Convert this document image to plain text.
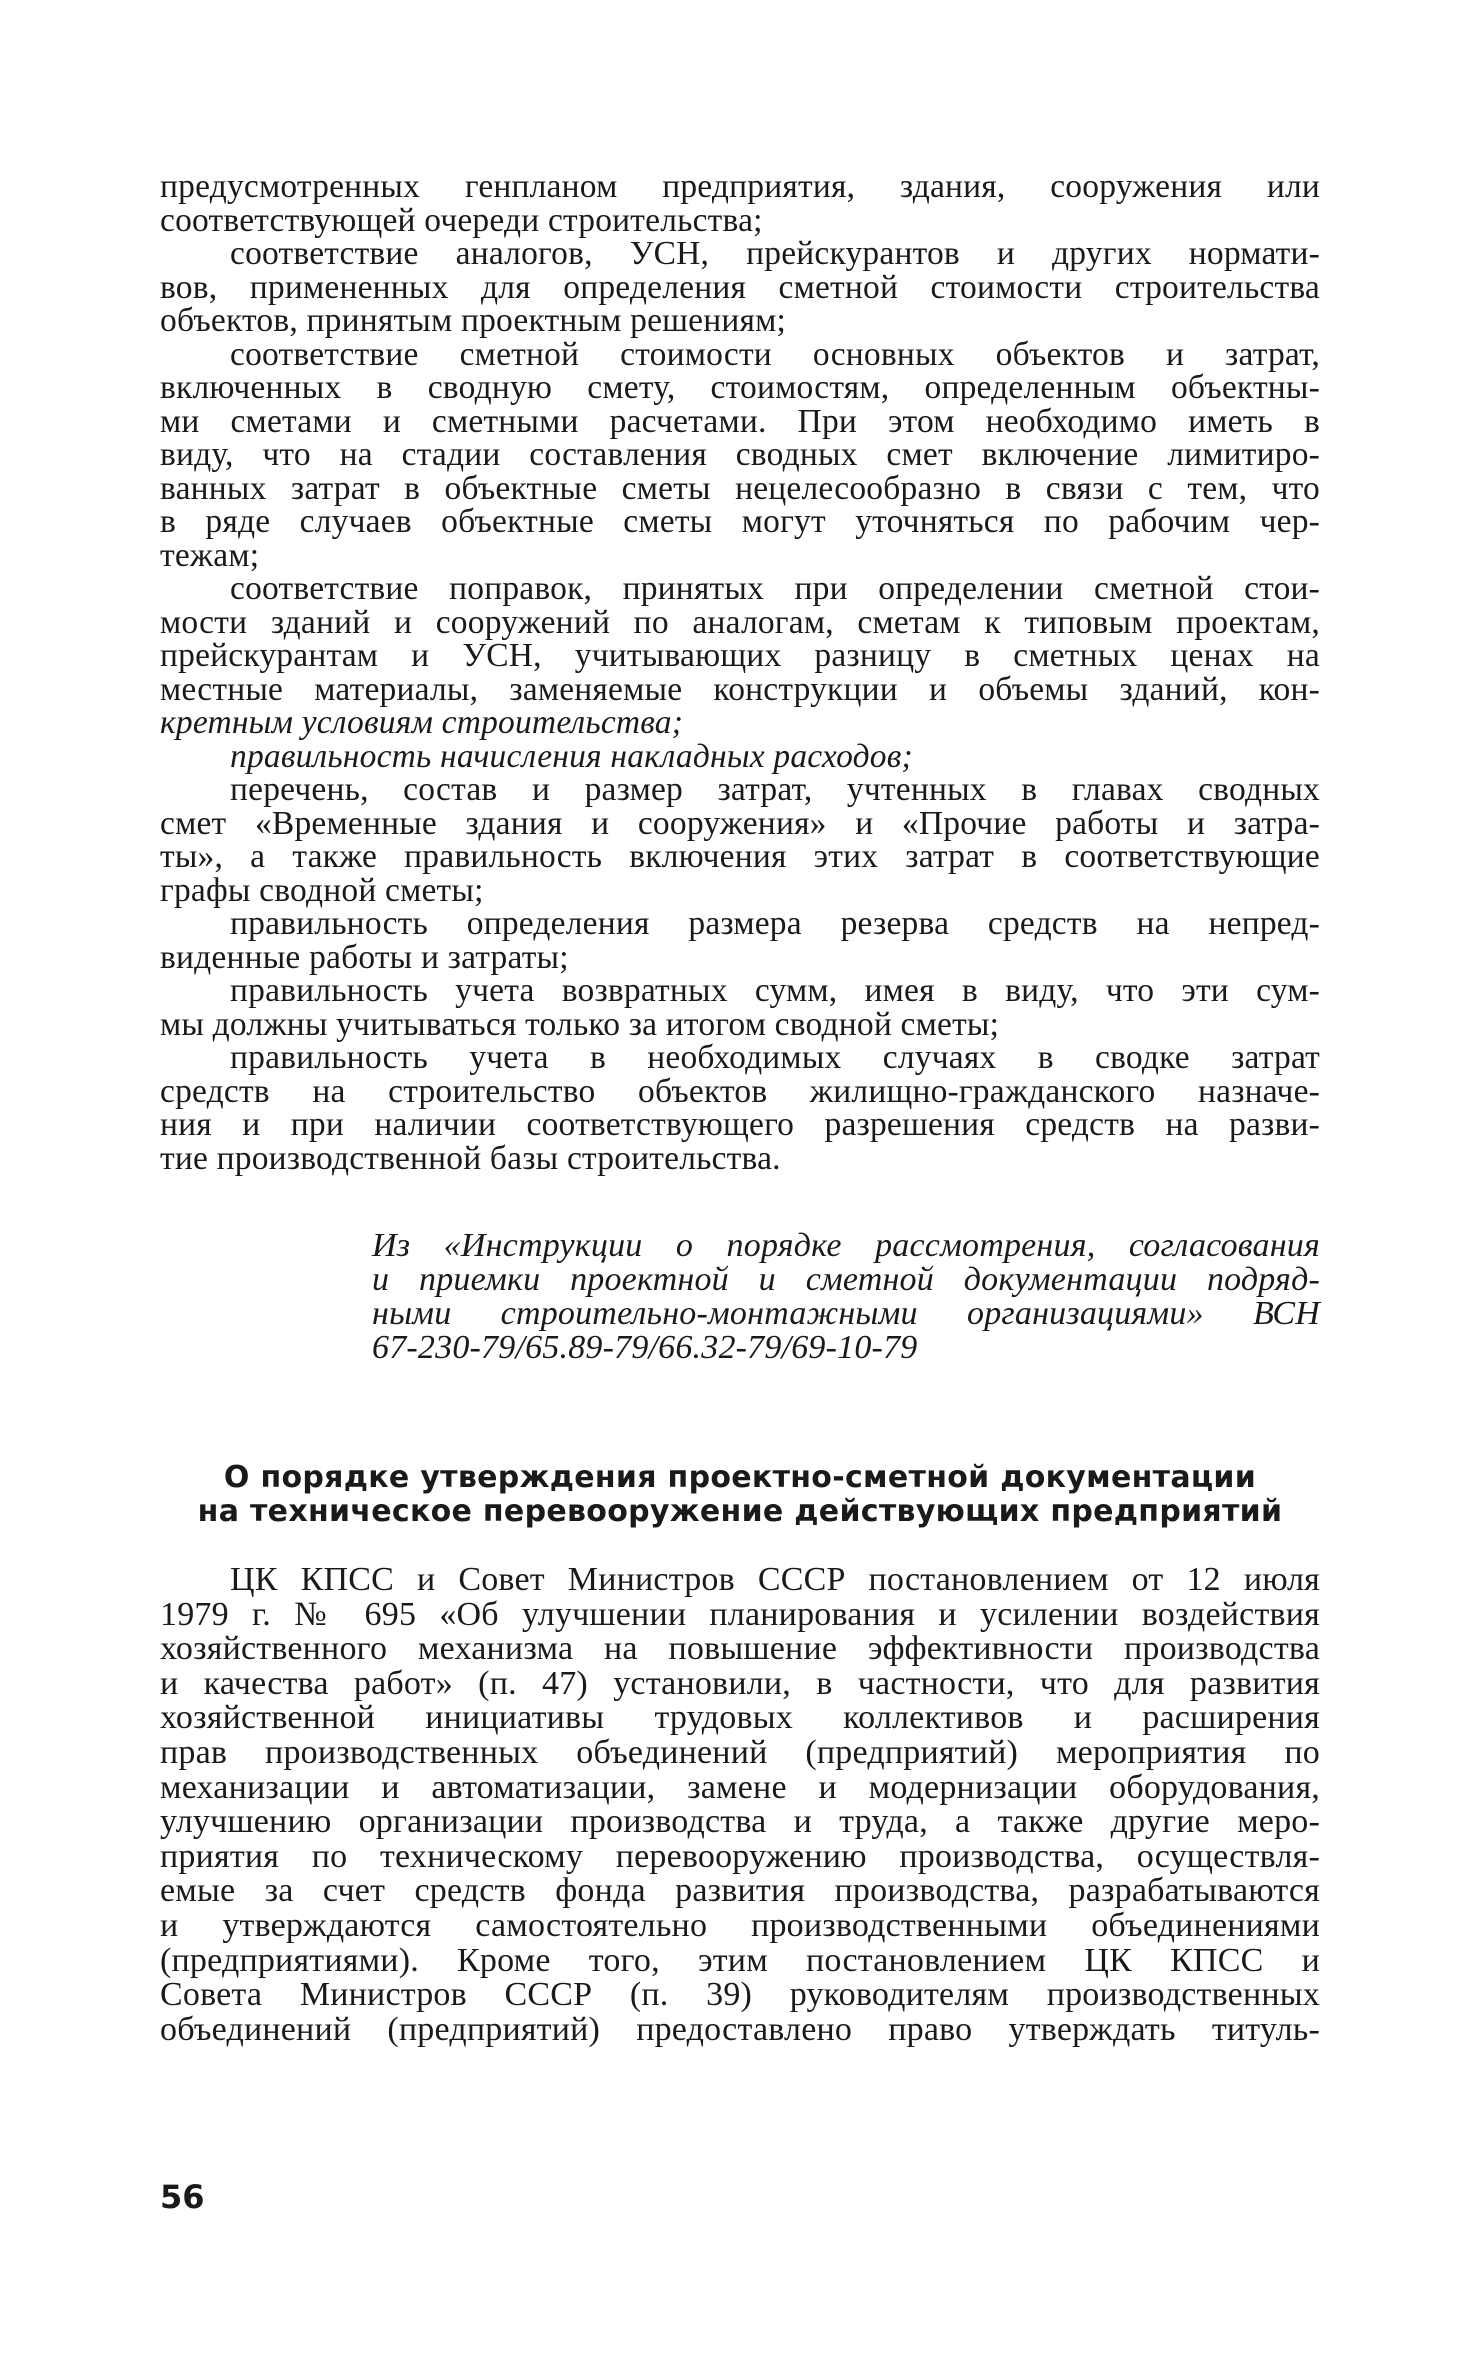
предусмотренных генпланом предприятия, здания, сооружения или
соответствующей очереди строительства;
соответствие аналогов, УСН, прейскурантов и других нормати-
вов, примененных для определения сметной стоимости строительства
объектов, принятым проектным решениям;
соответствие сметной стоимости основных объектов и затрат,
включенных в сводную смету, стоимостям, определенным объектны-
ми сметами и сметными расчетами. При этом необходимо иметь в
виду, что на стадии составления сводных смет включение лимитиро-
ванных затрат в объектные сметы нецелесообразно в связи с тем, что
в ряде случаев объектные сметы могут уточняться по рабочим чер-
тежам;
соответствие поправок, принятых при определении сметной стои-
мости зданий и сооружений по аналогам, сметам к типовым проектам,
прейскурантам и УСН, учитывающих разницу в сметных ценах на
местные материалы, заменяемые конструкции и объемы зданий, кон-
кретным условиям строительства;
правильность начисления накладных расходов;
перечень, состав и размер затрат, учтенных в главах сводных
смет «Временные здания и сооружения» и «Прочие работы и затра-
ты», а также правильность включения этих затрат в соответствующие
графы сводной сметы;
правильность определения размера резерва средств на непред-
виденные работы и затраты;
правильность учета возвратных сумм, имея в виду, что эти сум-
мы должны учитываться только за итогом сводной сметы;
правильность учета в необходимых случаях в сводке затрат
средств на строительство объектов жилищно-гражданского назначе-
ния и при наличии соответствующего разрешения средств на разви-
тие производственной базы строительства.
Из «Инструкции о порядке рассмотрения, согласования
и приемки проектной и сметной документации подряд-
ными строительно-монтажными организациями» ВСН
67-230-79/65.89-79/66.32-79/69-10-79
О порядке утверждения проектно-сметной документации
на техническое перевооружение действующих предприятий
ЦК КПСС и Совет Министров СССР постановлением от 12 июля
1979 г. № 695 «Об улучшении планирования и усилении воздействия
хозяйственного механизма на повышение эффективности производства
и качества работ» (п. 47) установили, в частности, что для развития
хозяйственной инициативы трудовых коллективов и расширения
прав производственных объединений (предприятий) мероприятия по
механизации и автоматизации, замене и модернизации оборудования,
улучшению организации производства и труда, а также другие меро-
приятия по техническому перевооружению производства, осуществля-
емые за счет средств фонда развития производства, разрабатываются
и утверждаются самостоятельно производственными объединениями
(предприятиями). Кроме того, этим постановлением ЦК КПСС и
Совета Министров СССР (п. 39) руководителям производственных
объединений (предприятий) предоставлено право утверждать титуль-
56
